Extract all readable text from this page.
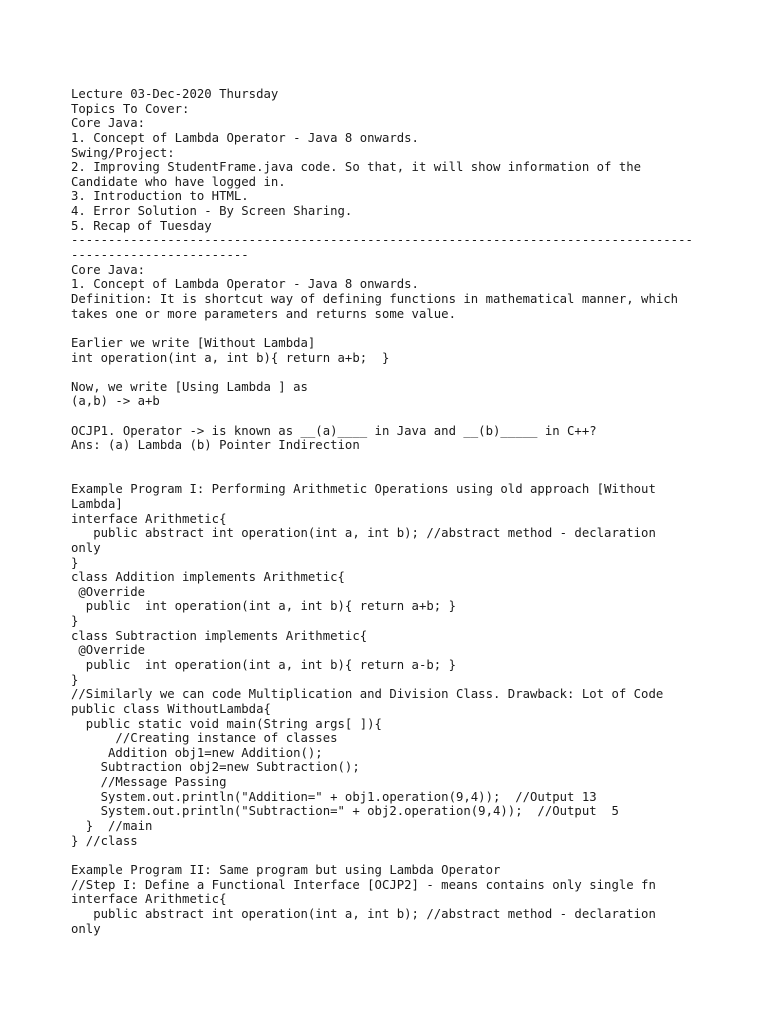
Lecture 03-Dec-2020 Thursday
Topics To Cover:
Core Java:
1. Concept of Lambda Operator - Java 8 onwards.
Swing/Project:
2. Improving StudentFrame.java code. So that, it will show information of the
Candidate who have logged in.
3. Introduction to HTML.
4. Error Solution - By Screen Sharing.
5. Recap of Tuesday
------------------------------------------------------------------------------------
------------------------
Core Java:
1. Concept of Lambda Operator - Java 8 onwards.
Definition: It is shortcut way of defining functions in mathematical manner, which
takes one or more parameters and returns some value.
Earlier we write [Without Lambda]
int operation(int a, int b){ return a+b;  }
Now, we write [Using Lambda ] as
(a,b) -> a+b
OCJP1. Operator -> is known as __(a)____ in Java and __(b)_____ in C++?
Ans: (a) Lambda (b) Pointer Indirection
Example Program I: Performing Arithmetic Operations using old approach [Without
Lambda]
interface Arithmetic{
public abstract int operation(int a, int b); //abstract method - declaration
only
}
class Addition implements Arithmetic{
@Override
public  int operation(int a, int b){ return a+b; }
}
class Subtraction implements Arithmetic{
@Override
public  int operation(int a, int b){ return a-b; }
}
//Similarly we can code Multiplication and Division Class. Drawback: Lot of Code
public class WithoutLambda{
public static void main(String args[ ]){
//Creating instance of classes
Addition obj1=new Addition();
Subtraction obj2=new Subtraction();
//Message Passing
System.out.println("Addition=" + obj1.operation(9,4));  //Output 13
System.out.println("Subtraction=" + obj2.operation(9,4));  //Output  5
}  //main
} //class
Example Program II: Same program but using Lambda Operator
//Step I: Define a Functional Interface [OCJP2] - means contains only single fn
interface Arithmetic{
public abstract int operation(int a, int b); //abstract method - declaration
only
